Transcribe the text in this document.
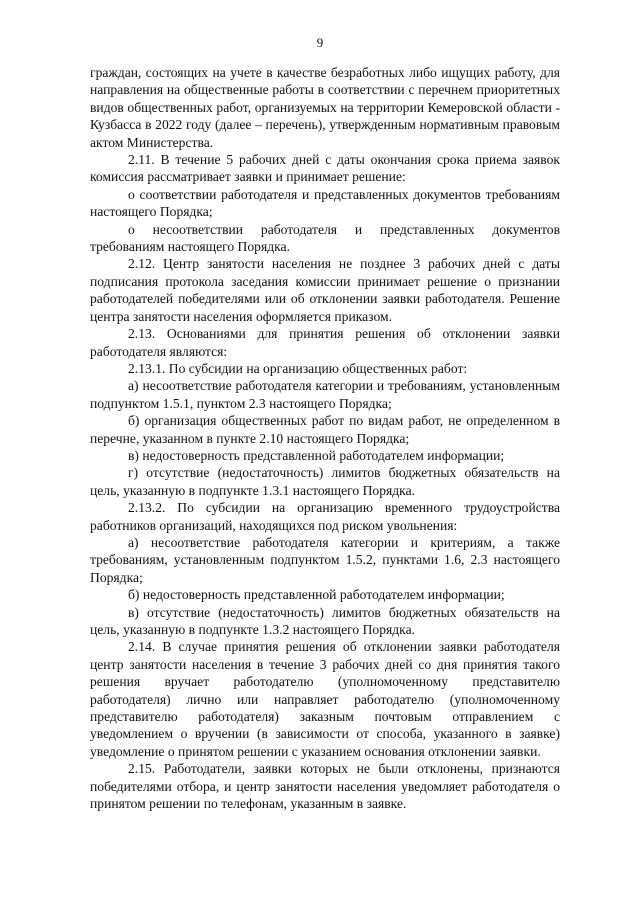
9

граждан, состоящих на учете в качестве безработных либо ищущих работу, для направления на общественные работы в соответствии с перечнем приоритетных видов общественных работ, организуемых на территории Кемеровской области - Кузбасса в 2022 году (далее – перечень), утвержденным нормативным правовым актом Министерства.

2.11. В течение 5 рабочих дней с даты окончания срока приема заявок комиссия рассматривает заявки и принимает решение:

о соответствии работодателя и представленных документов требованиям настоящего Порядка;

о несоответствии работодателя и представленных документов требованиям настоящего Порядка.

2.12. Центр занятости населения не позднее 3 рабочих дней с даты подписания протокола заседания комиссии принимает решение о признании работодателей победителями или об отклонении заявки работодателя. Решение центра занятости населения оформляется приказом.

2.13. Основаниями для принятия решения об отклонении заявки работодателя являются:

2.13.1. По субсидии на организацию общественных работ:

а) несоответствие работодателя категории и требованиям, установленным подпунктом 1.5.1, пунктом 2.3 настоящего Порядка;

б) организация общественных работ по видам работ, не определенном в перечне, указанном в пункте 2.10 настоящего Порядка;

в) недостоверность представленной работодателем информации;

г) отсутствие (недостаточность) лимитов бюджетных обязательств на цель, указанную в подпункте 1.3.1 настоящего Порядка.

2.13.2. По субсидии на организацию временного трудоустройства работников организаций, находящихся под риском увольнения:

а) несоответствие работодателя категории и критериям, а также требованиям, установленным подпунктом 1.5.2, пунктами 1.6, 2.3 настоящего Порядка;

б) недостоверность представленной работодателем информации;

в) отсутствие (недостаточность) лимитов бюджетных обязательств на цель, указанную в подпункте 1.3.2 настоящего Порядка.

2.14. В случае принятия решения об отклонении заявки работодателя центр занятости населения в течение 3 рабочих дней со дня принятия такого решения вручает работодателю (уполномоченному представителю работодателя) лично или направляет работодателю (уполномоченному представителю работодателя) заказным почтовым отправлением с уведомлением о вручении (в зависимости от способа, указанного в заявке) уведомление о принятом решении с указанием основания отклонении заявки.

2.15. Работодатели, заявки которых не были отклонены, признаются победителями отбора, и центр занятости населения уведомляет работодателя о принятом решении по телефонам, указанным в заявке.
